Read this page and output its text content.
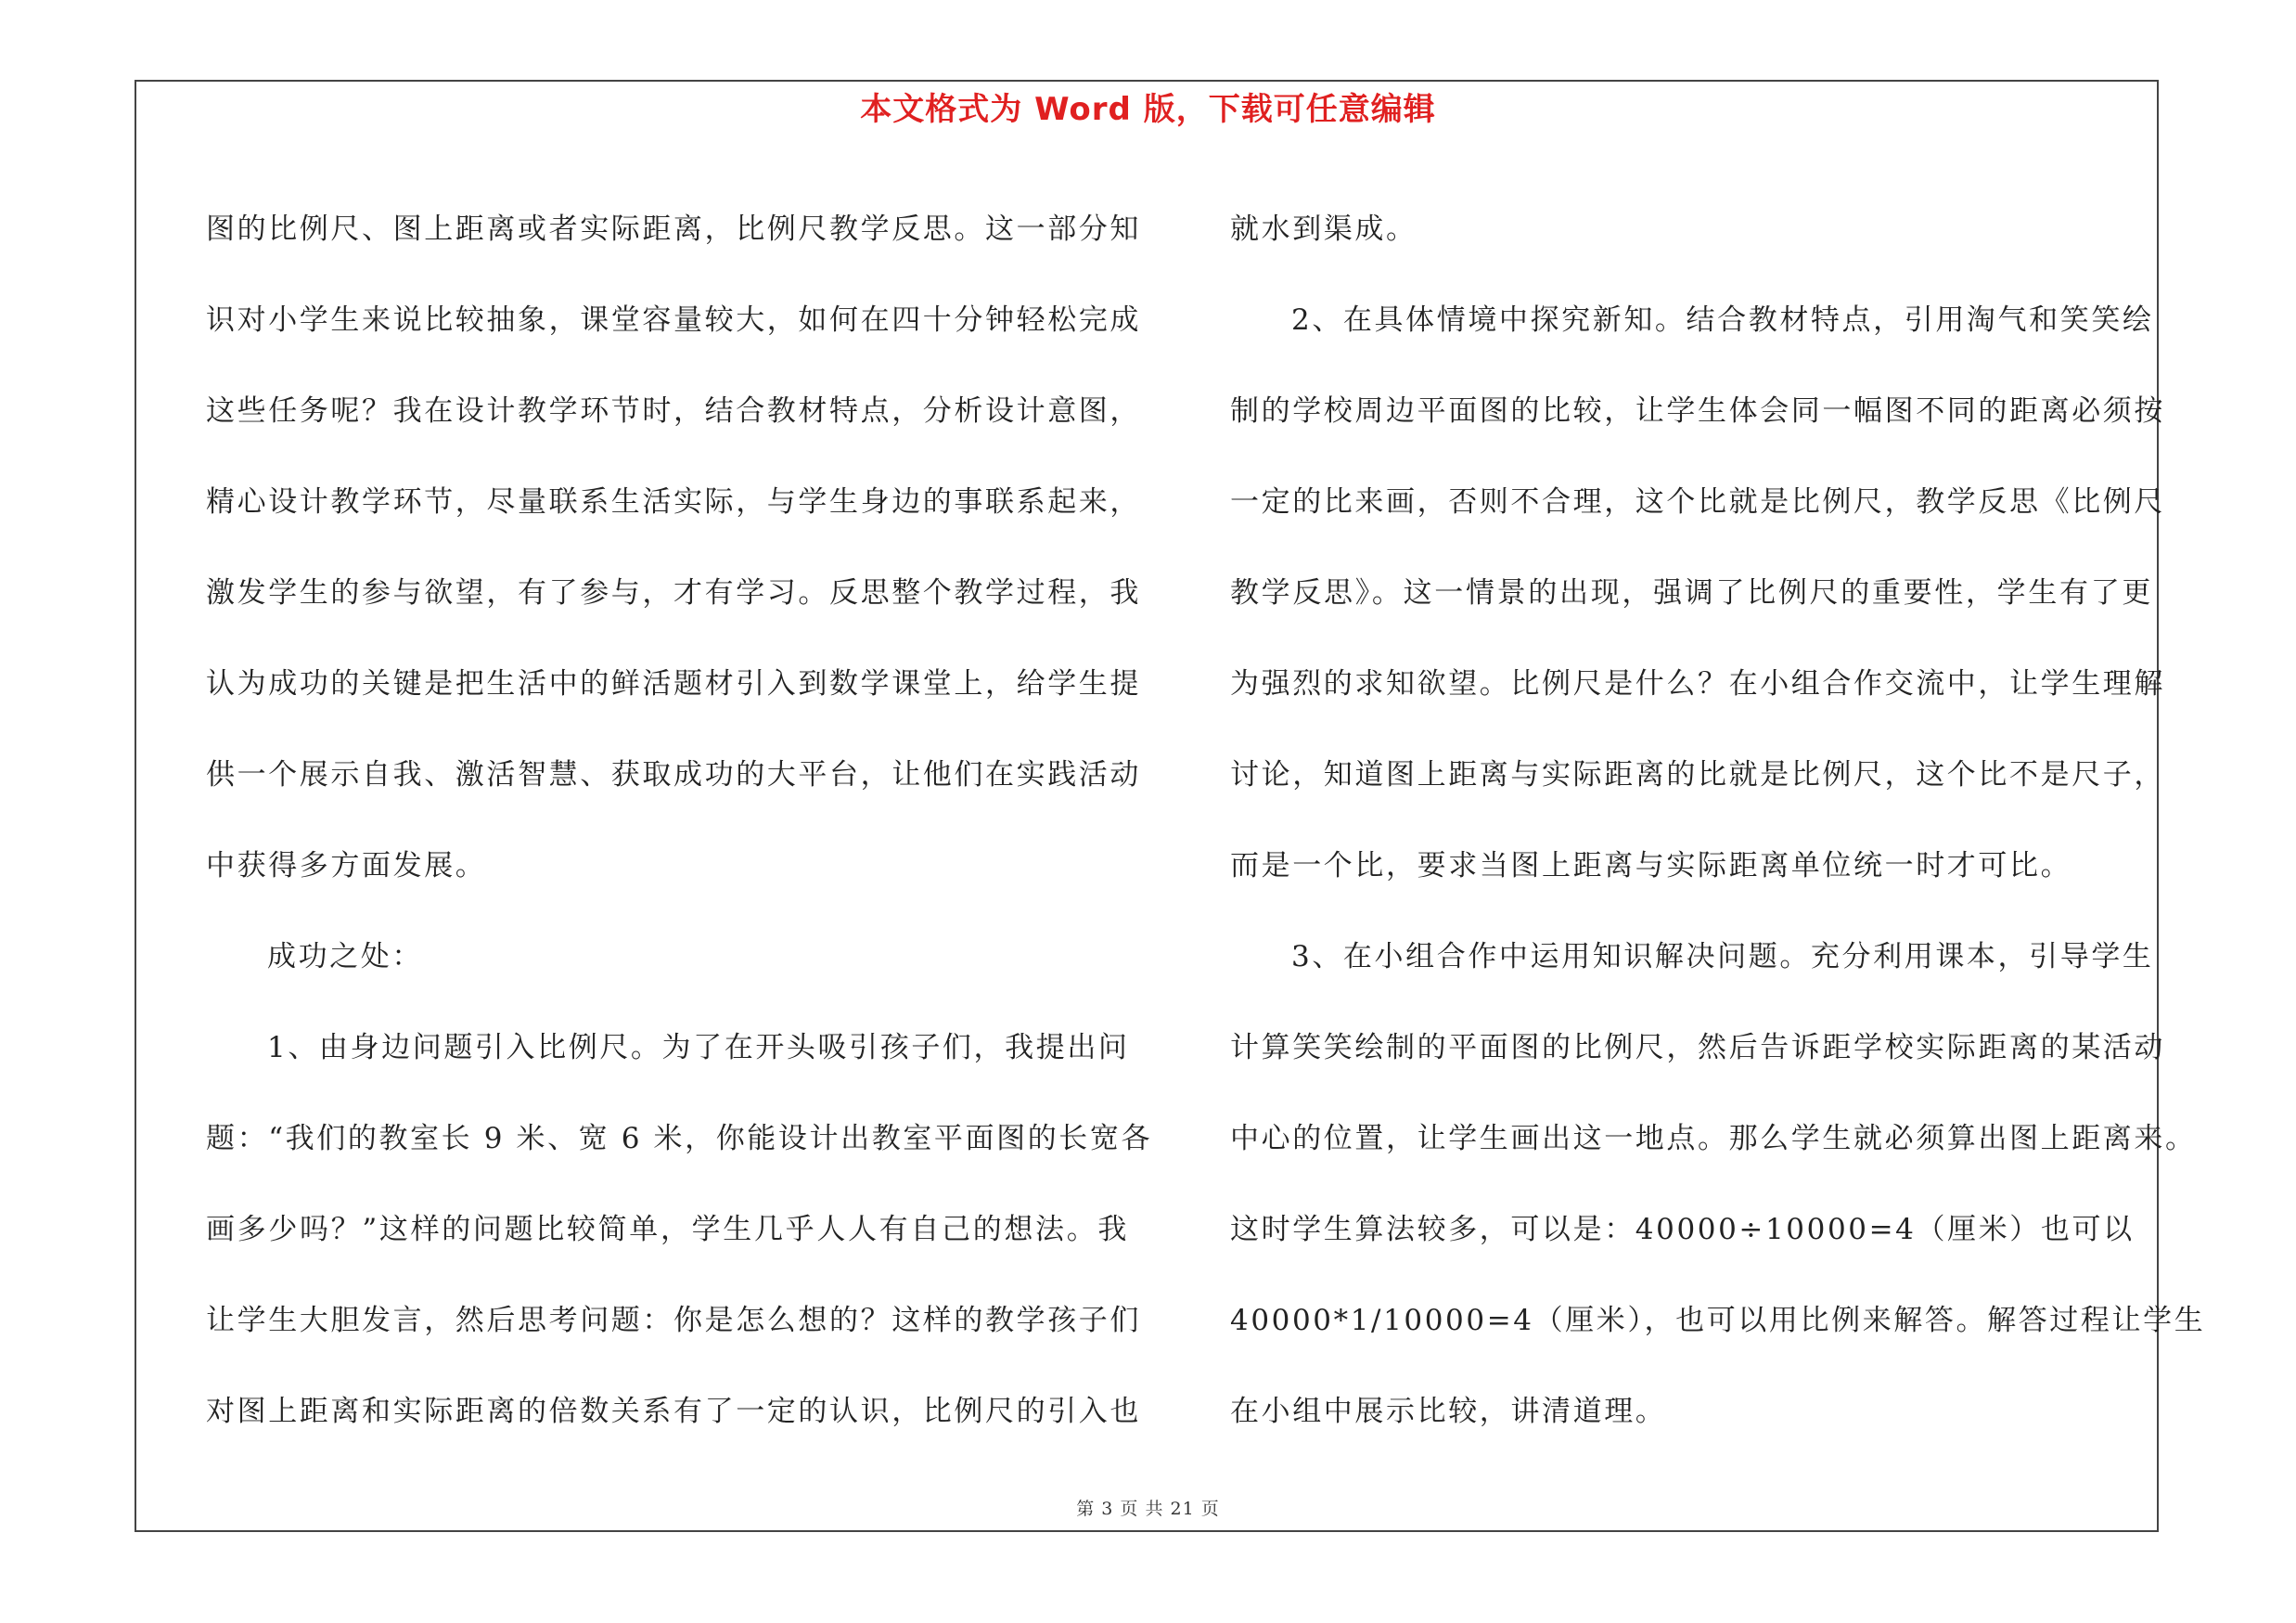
本文格式为 Word 版，下载可任意编辑
图的比例尺、图上距离或者实际距离，比例尺教学反思。这一部分知
识对小学生来说比较抽象，课堂容量较大，如何在四十分钟轻松完成
这些任务呢？我在设计教学环节时，结合教材特点，分析设计意图，
精心设计教学环节，尽量联系生活实际，与学生身边的事联系起来，
激发学生的参与欲望，有了参与，才有学习。反思整个教学过程，我
认为成功的关键是把生活中的鲜活题材引入到数学课堂上，给学生提
供一个展示自我、激活智慧、获取成功的大平台，让他们在实践活动
中获得多方面发展。
成功之处：
1、由身边问题引入比例尺。为了在开头吸引孩子们，我提出问
题：“我们的教室长 9 米、宽 6 米，你能设计出教室平面图的长宽各
画多少吗？”这样的问题比较简单，学生几乎人人有自己的想法。我
让学生大胆发言，然后思考问题：你是怎么想的？这样的教学孩子们
对图上距离和实际距离的倍数关系有了一定的认识，比例尺的引入也
就水到渠成。
2、在具体情境中探究新知。结合教材特点，引用淘气和笑笑绘
制的学校周边平面图的比较，让学生体会同一幅图不同的距离必须按
一定的比来画，否则不合理，这个比就是比例尺，教学反思《比例尺
教学反思》。这一情景的出现，强调了比例尺的重要性，学生有了更
为强烈的求知欲望。比例尺是什么？在小组合作交流中，让学生理解
讨论，知道图上距离与实际距离的比就是比例尺，这个比不是尺子，
而是一个比，要求当图上距离与实际距离单位统一时才可比。
3、在小组合作中运用知识解决问题。充分利用课本，引导学生
计算笑笑绘制的平面图的比例尺，然后告诉距学校实际距离的某活动
中心的位置，让学生画出这一地点。那么学生就必须算出图上距离来。
这时学生算法较多，可以是：40000÷10000=4（厘米）也可以
40000*1/10000=4（厘米），也可以用比例来解答。解答过程让学生
在小组中展示比较，讲清道理。
第 3 页 共 21 页
